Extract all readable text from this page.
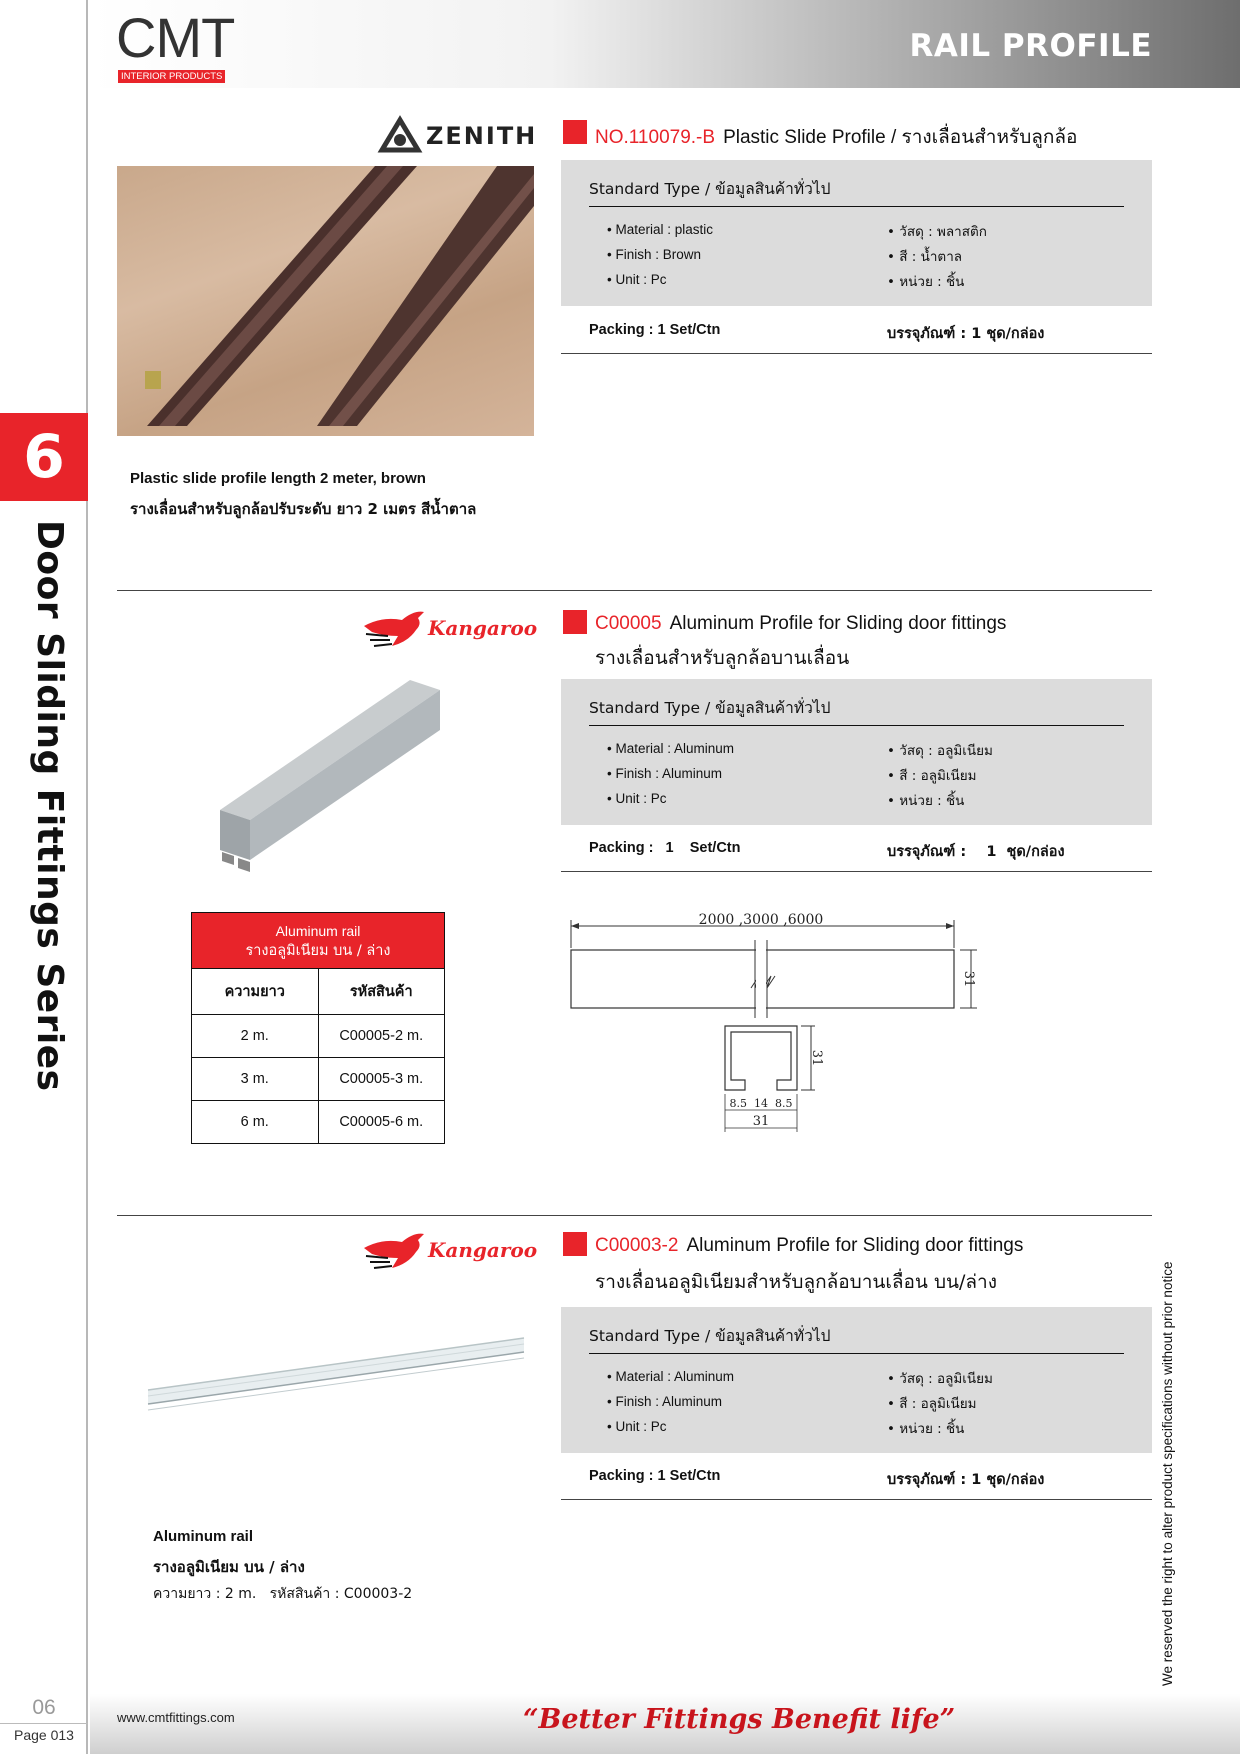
6
Door Sliding Fittings Series
06
Page 013
CMT
INTERIOR PRODUCTS
RAIL PROFILE
ZENITH	NO.110079.-B Plastic Slide Profile / รางเลื่อนสำหรับลูกล้อ
Standard Type / ข้อมูลสินค้าทั่วไป
• Material : plastic
• Finish : Brown
• Unit : Pc
• วัสดุ : พลาสติก
• สี : น้ำตาล
• หน่วย : ชิ้น
Packing : 1 Set/Ctn	บรรจุภัณฑ์ : 1 ชุด/กล่อง
Plastic slide profile length 2 meter, brown
รางเลื่อนสำหรับลูกล้อปรับระดับ ยาว 2 เมตร สีน้ำตาล
Kangaroo	C00005 Aluminum Profile for Sliding door fittings
รางเลื่อนสำหรับลูกล้อบานเลื่อน
Standard Type / ข้อมูลสินค้าทั่วไป
• Material : Aluminum
• Finish : Aluminum
• Unit : Pc
• วัสดุ : อลูมิเนียม
• สี : อลูมิเนียม
• หน่วย : ชิ้น
Packing :   1    Set/Ctn	บรรจุภัณฑ์ :    1  ชุด/กล่อง
Aluminum rail
รางอลูมิเนียม บน / ล่าง	

ความยาว	รหัสสินค้า
2 m.	C00005-2 m.
3 m.	C00005-3 m.
6 m.	C00005-6 m.
2000 ,3000 ,6000
31
31
8.5  14  8.5
31
Kangaroo	C00003-2 Aluminum Profile for Sliding door fittings
รางเลื่อนอลูมิเนียมสำหรับลูกล้อบานเลื่อน บน/ล่าง
Standard Type / ข้อมูลสินค้าทั่วไป
• Material : Aluminum
• Finish : Aluminum
• Unit : Pc
• วัสดุ : อลูมิเนียม
• สี : อลูมิเนียม
• หน่วย : ชิ้น
Packing : 1 Set/Ctn	บรรจุภัณฑ์ : 1 ชุด/กล่อง
Aluminum rail
รางอลูมิเนียม บน / ล่าง
ความยาว : 2 m.   รหัสสินค้า : C00003-2	We reserved the right to alter product specifications without prior notice
www.cmtfittings.com	“Better Fittings Benefit life”
